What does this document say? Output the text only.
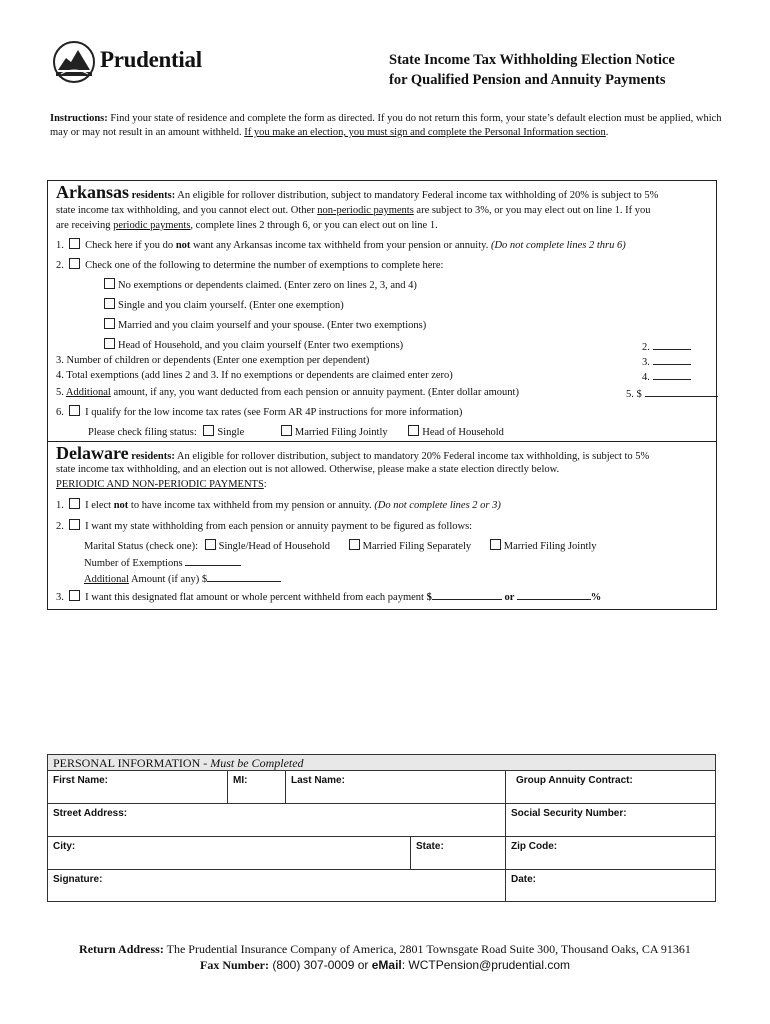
Prudential	State Income Tax Withholding Election Notice
for Qualified Pension and Annuity Payments
Instructions: Find your state of residence and complete the form as directed. If you do not return this form, your state’s default election must be applied, which may or may not result in an amount withheld. If you make an election, you must sign and complete the Personal Information section.
Arkansas residents: An eligible for rollover distribution, subject to mandatory Federal income tax withholding of 20% is subject to 5%
state income tax withholding, and you cannot elect out. Other non-periodic payments are subject to 3%, or you may elect out on line 1. If you
are receiving periodic payments, complete lines 2 through 6, or you can elect out on line 1.
1. Check here if you do not want any Arkansas income tax withheld from your pension or annuity. (Do not complete lines 2 thru 6)
2. Check one of the following to determine the number of exemptions to complete here:
No exemptions or dependents claimed. (Enter zero on lines 2, 3, and 4)
Single and you claim yourself. (Enter one exemption)
Married and you claim yourself and your spouse. (Enter two exemptions)
Head of Household, and you claim yourself (Enter two exemptions)	2.
3. Number of children or dependents (Enter one exemption per dependent)	3.
4. Total exemptions (add lines 2 and 3. If no exemptions or dependents are claimed enter zero)	4.
5. Additional amount, if any, you want deducted from each pension or annuity payment. (Enter dollar amount)	5. $
6. I qualify for the low income tax rates (see Form AR 4P instructions for more information)
Please check filing status: Single	Married Filing Jointly	Head of Household
Delaware residents: An eligible for rollover distribution, subject to mandatory 20% Federal income tax withholding, is subject to 5%
state income tax withholding, and an election out is not allowed. Otherwise, please make a state election directly below.
PERIODIC AND NON-PERIODIC PAYMENTS:
1. I elect not to have income tax withheld from my pension or annuity. (Do not complete lines 2 or 3)
2. I want my state withholding from each pension or annuity payment to be figured as follows:
Marital Status (check one): Single/Head of Household	Married Filing Separately	Married Filing Jointly
Number of Exemptions
Additional Amount (if any) $
3. I want this designated flat amount or whole percent withheld from each payment $	or	%
PERSONAL INFORMATION - Must be Completed
First Name:	MI:	Last Name:	Group Annuity Contract:
Street Address:	Social Security Number:
City:	State:	Zip Code:
Signature:	Date:
Return Address: The Prudential Insurance Company of America, 2801 Townsgate Road Suite 300, Thousand Oaks, CA 91361
Fax Number: (800) 307-0009 or eMail: WCTPension@prudential.com
